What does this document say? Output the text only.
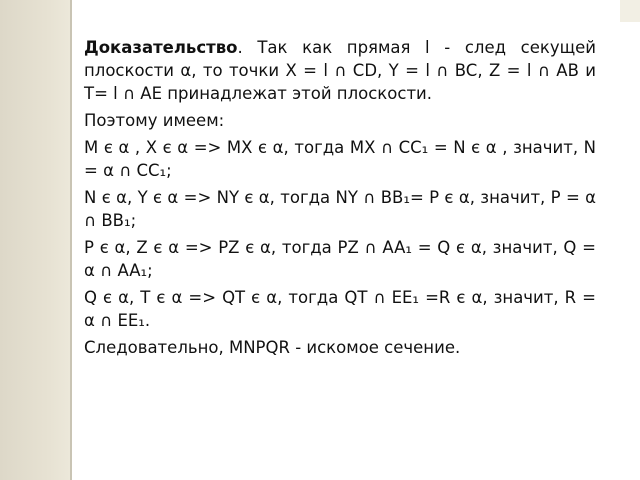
Доказательство. Так как прямая l - след секущей плоскости α, то точки X = l ∩ CD, Y = l ∩ BC, Z = l ∩ AB и T= l ∩ AE принадлежат этой плоскости.

Поэтому имеем:

M є α , X є α => MX є α, тогда MX ∩ CC₁ = N є α , значит, N = α ∩ CC₁;

N є α, Y є α => NY є α, тогда NY ∩ BB₁= P є α, значит, P = α ∩ BB₁;

P є α, Z є α => PZ є α, тогда PZ ∩ AA₁ = Q є α, значит, Q = α ∩ AA₁;

Q є α, T є α => QT є α, тогда QT ∩ EE₁ =R є α, значит, R = α ∩ EE₁.

Следовательно, MNPQR - искомое сечение.
